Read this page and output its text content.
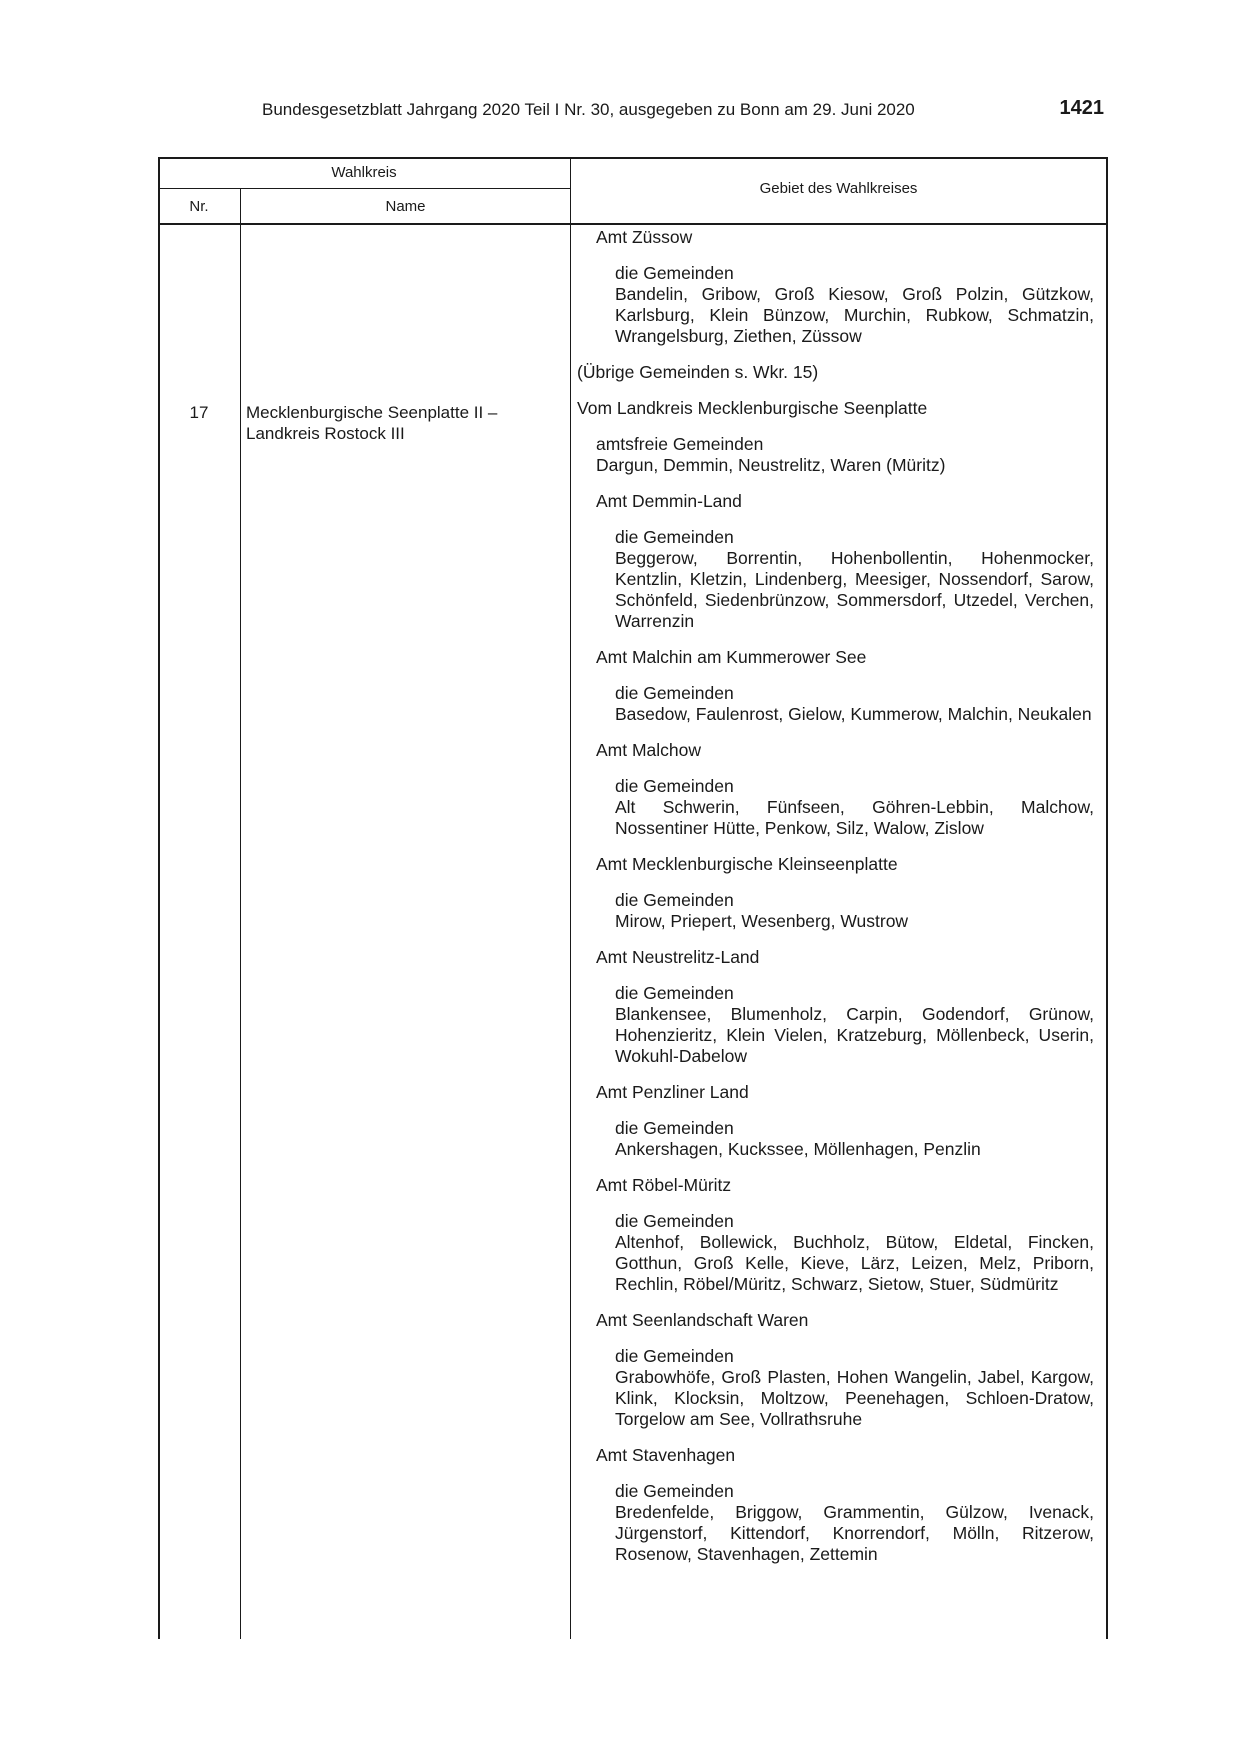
Bundesgesetzblatt Jahrgang 2020 Teil I Nr. 30, ausgegeben zu Bonn am 29. Juni 2020	1421
Wahlkreis
Nr.	Name
Gebiet des Wahlkreises
17	Mecklenburgische Seenplatte II – Landkreis Rostock III
Amt Züssow
die Gemeinden
Bandelin, Gribow, Groß Kiesow, Groß Polzin, Gützkow, Karlsburg, Klein Bünzow, Murchin, Rubkow, Schmatzin, Wrangelsburg, Ziethen, Züssow
(Übrige Gemeinden s. Wkr. 15)
Vom Landkreis Mecklenburgische Seenplatte
amtsfreie Gemeinden
Dargun, Demmin, Neustrelitz, Waren (Müritz)
Amt Demmin-Land
die Gemeinden
Beggerow, Borrentin, Hohenbollentin, Hohenmocker, Kentzlin, Kletzin, Lindenberg, Meesiger, Nossendorf, Sarow, Schönfeld, Siedenbrünzow, Sommersdorf, Utzedel, Verchen, Warrenzin
Amt Malchin am Kummerower See
die Gemeinden
Basedow, Faulenrost, Gielow, Kummerow, Malchin, Neukalen
Amt Malchow
die Gemeinden
Alt Schwerin, Fünfseen, Göhren-Lebbin, Malchow, Nossentiner Hütte, Penkow, Silz, Walow, Zislow
Amt Mecklenburgische Kleinseenplatte
die Gemeinden
Mirow, Priepert, Wesenberg, Wustrow
Amt Neustrelitz-Land
die Gemeinden
Blankensee, Blumenholz, Carpin, Godendorf, Grünow, Hohenzieritz, Klein Vielen, Kratzeburg, Möllenbeck, Userin, Wokuhl-Dabelow
Amt Penzliner Land
die Gemeinden
Ankershagen, Kuckssee, Möllenhagen, Penzlin
Amt Röbel-Müritz
die Gemeinden
Altenhof, Bollewick, Buchholz, Bütow, Eldetal, Fincken, Gotthun, Groß Kelle, Kieve, Lärz, Leizen, Melz, Priborn, Rechlin, Röbel/Müritz, Schwarz, Sietow, Stuer, Südmüritz
Amt Seenlandschaft Waren
die Gemeinden
Grabowhöfe, Groß Plasten, Hohen Wangelin, Jabel, Kargow, Klink, Klocksin, Moltzow, Peenehagen, Schloen-Dratow, Torgelow am See, Vollrathsruhe
Amt Stavenhagen
die Gemeinden
Bredenfelde, Briggow, Grammentin, Gülzow, Ivenack, Jürgenstorf, Kittendorf, Knorrendorf, Mölln, Ritzerow, Rosenow, Stavenhagen, Zettemin
